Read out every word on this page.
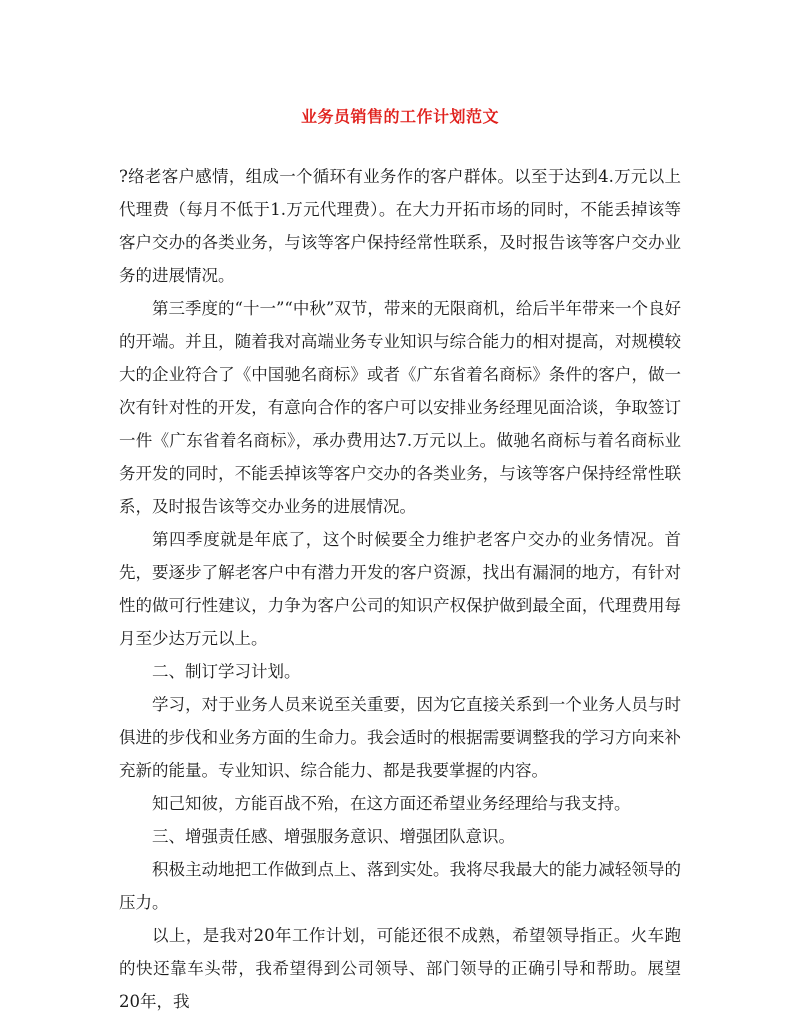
业务员销售的工作计划范文

?络老客户感情，组成一个循环有业务作的客户群体。以至于达到4.万元以上代理费（每月不低于1.万元代理费）。在大力开拓市场的同时，不能丢掉该等客户交办的各类业务，与该等客户保持经常性联系，及时报告该等客户交办业务的进展情况。

第三季度的“十一”“中秋”双节，带来的无限商机，给后半年带来一个良好的开端。并且，随着我对高端业务专业知识与综合能力的相对提高，对规模较大的企业符合了《中国驰名商标》或者《广东省着名商标》条件的客户，做一次有针对性的开发，有意向合作的客户可以安排业务经理见面洽谈，争取签订一件《广东省着名商标》，承办费用达7.万元以上。做驰名商标与着名商标业务开发的同时，不能丢掉该等客户交办的各类业务，与该等客户保持经常性联系，及时报告该等交办业务的进展情况。

第四季度就是年底了，这个时候要全力维护老客户交办的业务情况。首先，要逐步了解老客户中有潜力开发的客户资源，找出有漏洞的地方，有针对性的做可行性建议，力争为客户公司的知识产权保护做到最全面，代理费用每月至少达万元以上。

二、制订学习计划。

学习，对于业务人员来说至关重要，因为它直接关系到一个业务人员与时俱进的步伐和业务方面的生命力。我会适时的根据需要调整我的学习方向来补充新的能量。专业知识、综合能力、都是我要掌握的内容。

知己知彼，方能百战不殆，在这方面还希望业务经理给与我支持。

三、增强责任感、增强服务意识、增强团队意识。

积极主动地把工作做到点上、落到实处。我将尽我最大的能力减轻领导的压力。

以上，是我对20年工作计划，可能还很不成熟，希望领导指正。火车跑的快还靠车头带，我希望得到公司领导、部门领导的正确引导和帮助。展望 20年，我
